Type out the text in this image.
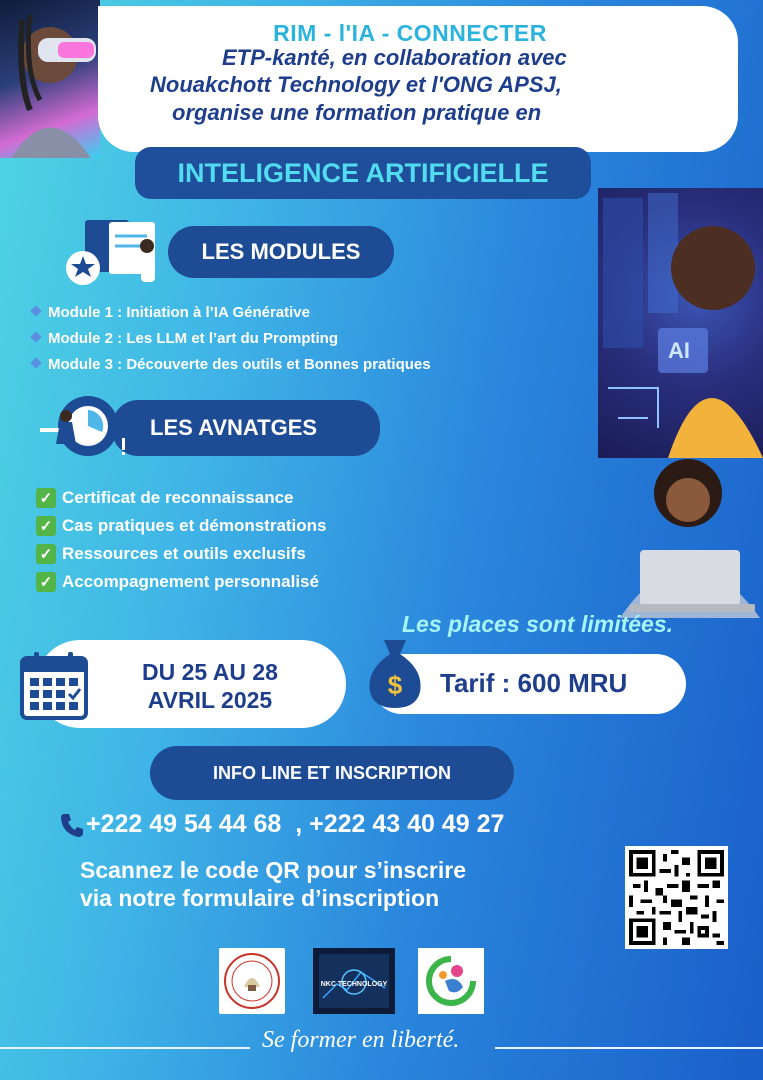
RIM - l'IA - CONNECTER
ETP-kanté, en collaboration avec
Nouakchott Technology et l'ONG APSJ,
organise une formation pratique en
INTELIGENCE ARTIFICIELLE
AI
LES MODULES
Module 1 : Initiation à l’IA Générative
Module 2 : Les LLM et l’art du Prompting
Module 3 : Découverte des outils et Bonnes pratiques
LES AVNATGES
✓ Certificat de reconnaissance
✓ Cas pratiques et démonstrations
✓ Ressources et outils exclusifs
✓ Accompagnement personnalisé
Les places sont limitées.
DU 25 AU 28
AVRIL 2025	$ Tarif : 600 MRU
INFO LINE ET INSCRIPTION
+222 49 54 44 68  , +222 43 40 49 27
Scannez le code QR pour s’inscrire
via notre formulaire d’inscription
NKC TECHNOLOGY
Se former en liberté.
